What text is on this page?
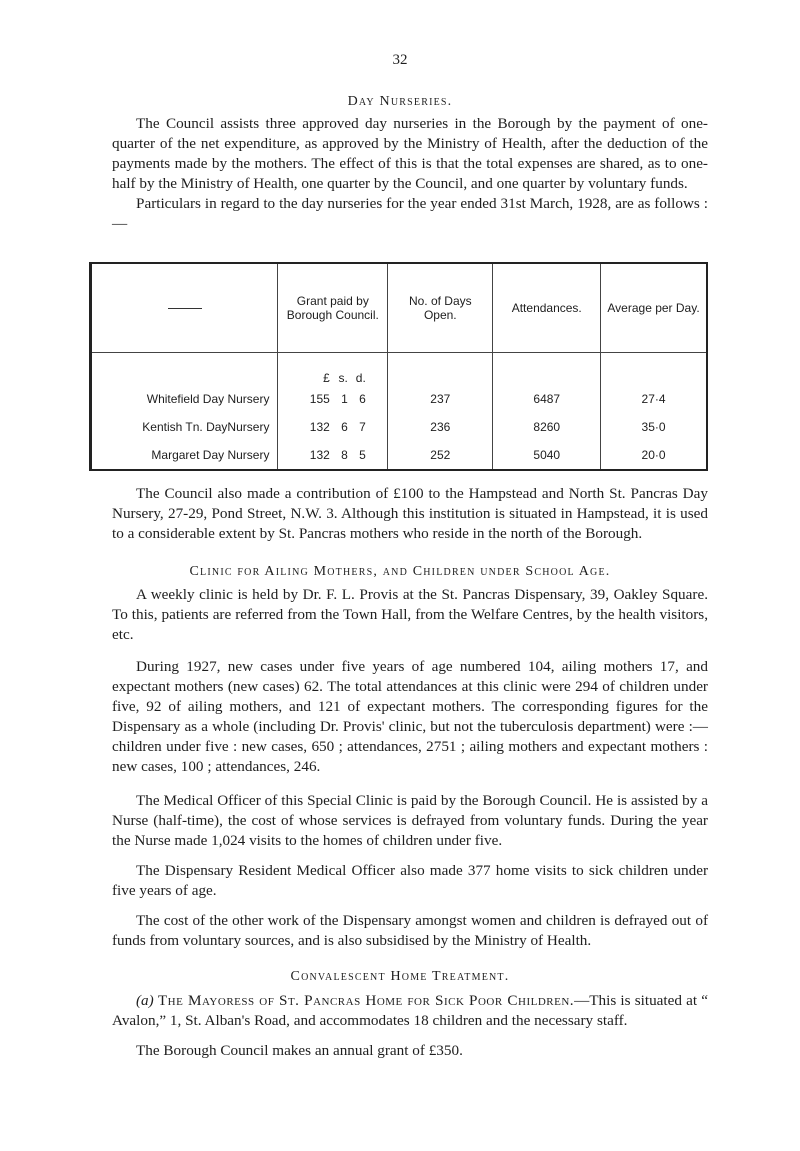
32
Day Nurseries.

The Council assists three approved day nurseries in the Borough by the payment of one-quarter of the net expenditure, as approved by the Ministry of Health, after the deduction of the payments made by the mothers. The effect of this is that the total expenses are shared, as to one-half by the Ministry of Health, one quarter by the Council, and one quarter by voluntary funds.

Particulars in regard to the day nurseries for the year ended 31st March, 1928, are as follows :—

	Grant paid by Borough Council.	No. of Days Open.	Attendances.	Average per Day.
	£ s. d.			
Whitefield Day Nursery	155 1 6	237	6487	27·4
Kentish Tn. DayNursery	132 6 7	236	8260	35·0
Margaret Day Nursery	132 8 5	252	5040	20·0

The Council also made a contribution of £100 to the Hampstead and North St. Pancras Day Nursery, 27-29, Pond Street, N.W. 3. Although this institution is situated in Hampstead, it is used to a considerable extent by St. Pancras mothers who reside in the north of the Borough.

Clinic for Ailing Mothers, and Children under School Age.

A weekly clinic is held by Dr. F. L. Provis at the St. Pancras Dispensary, 39, Oakley Square. To this, patients are referred from the Town Hall, from the Welfare Centres, by the health visitors, etc.

During 1927, new cases under five years of age numbered 104, ailing mothers 17, and expectant mothers (new cases) 62. The total attendances at this clinic were 294 of children under five, 92 of ailing mothers, and 121 of expectant mothers. The corresponding figures for the Dispensary as a whole (including Dr. Provis' clinic, but not the tuberculosis department) were :—children under five : new cases, 650 ; attendances, 2751 ; ailing mothers and expectant mothers : new cases, 100 ; attendances, 246.

The Medical Officer of this Special Clinic is paid by the Borough Council. He is assisted by a Nurse (half-time), the cost of whose services is defrayed from voluntary funds. During the year the Nurse made 1,024 visits to the homes of children under five.

The Dispensary Resident Medical Officer also made 377 home visits to sick children under five years of age.

The cost of the other work of the Dispensary amongst women and children is defrayed out of funds from voluntary sources, and is also subsidised by the Ministry of Health.

Convalescent Home Treatment.

(a) The Mayoress of St. Pancras Home for Sick Poor Children.—This is situated at “ Avalon,” 1, St. Alban's Road, and accommodates 18 children and the necessary staff.

The Borough Council makes an annual grant of £350.
